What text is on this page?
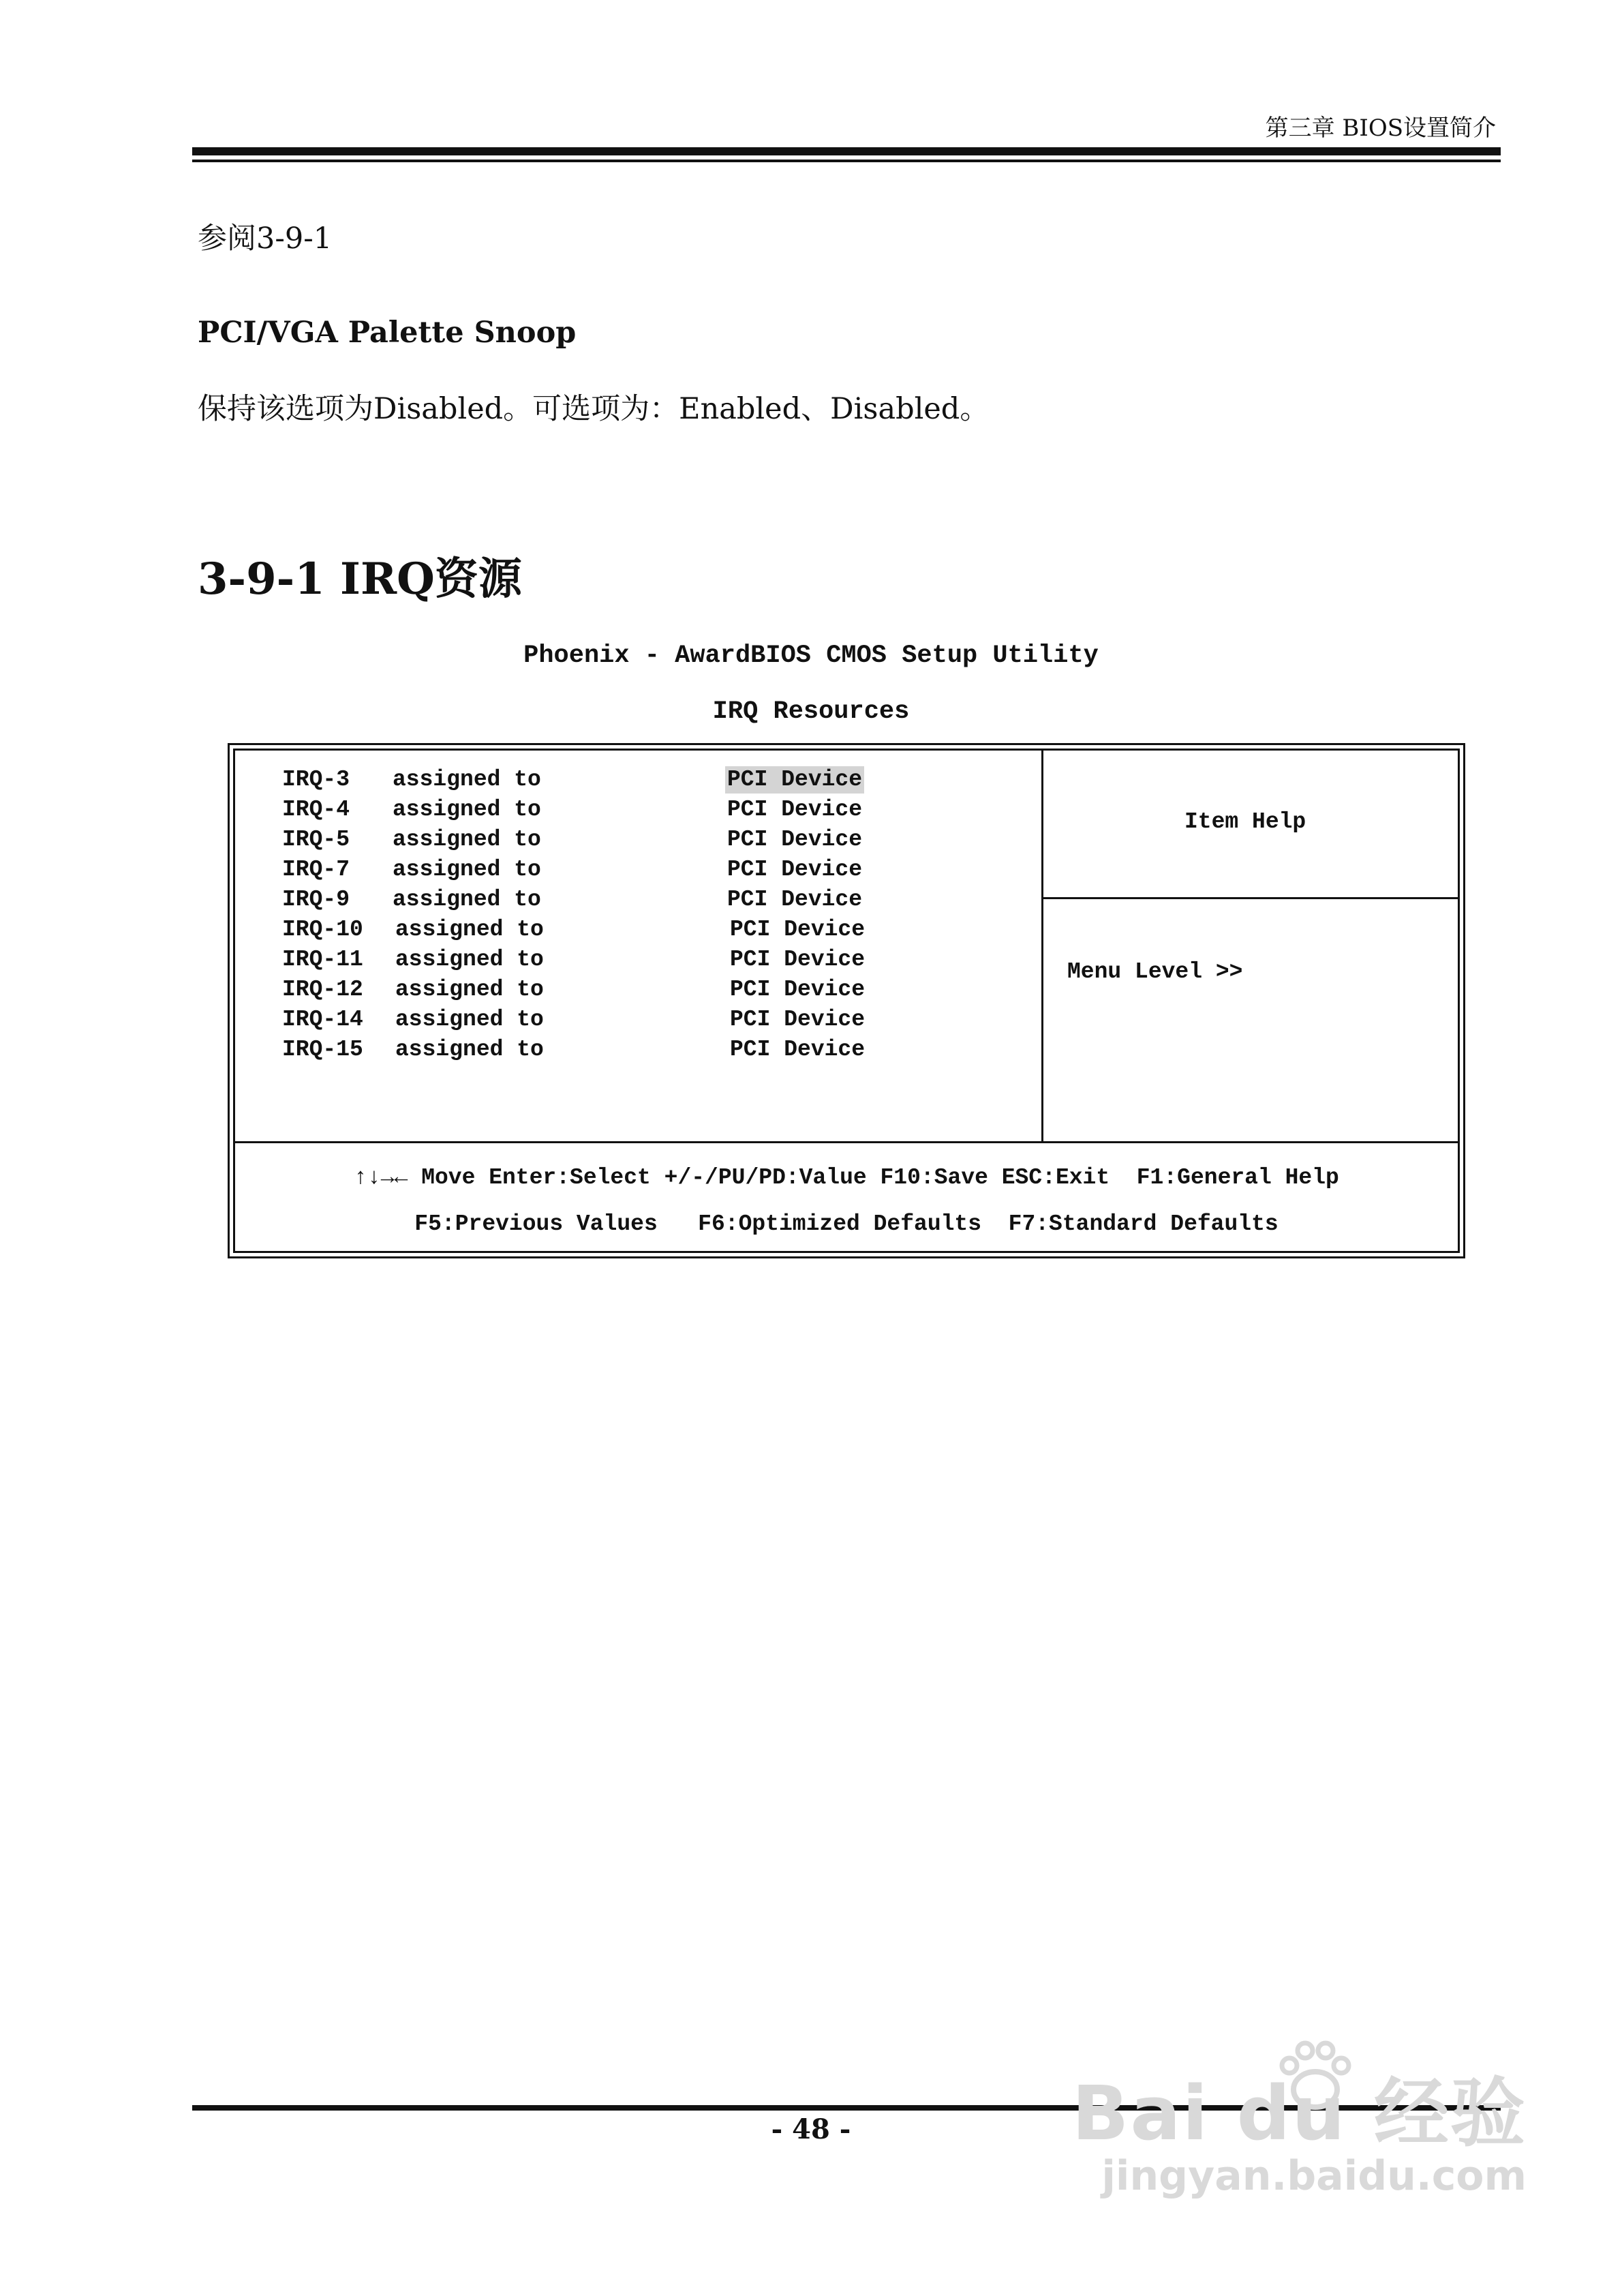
第三章 BIOS设置简介
参阅3-9-1
PCI/VGA Palette Snoop
保持该选项为Disabled。可选项为：Enabled、Disabled。
3-9-1 IRQ资源
Phoenix - AwardBIOS CMOS Setup Utility
IRQ Resources
IRQ-3 assigned to	PCI Device
IRQ-4 assigned to	PCI Device
IRQ-5 assigned to	PCI Device
IRQ-7 assigned to	PCI Device
IRQ-9 assigned to	PCI Device
IRQ-10 assigned to	PCI Device
IRQ-11 assigned to	PCI Device
IRQ-12 assigned to	PCI Device
IRQ-14 assigned to	PCI Device
IRQ-15 assigned to	PCI Device
Item Help
Menu Level >>
↑↓→← Move Enter:Select +/-/PU/PD:Value F10:Save ESC:Exit  F1:General Help
F5:Previous Values   F6:Optimized Defaults  F7:Standard Defaults
- 48 -	Bai du 经验
jingyan.baidu.com
